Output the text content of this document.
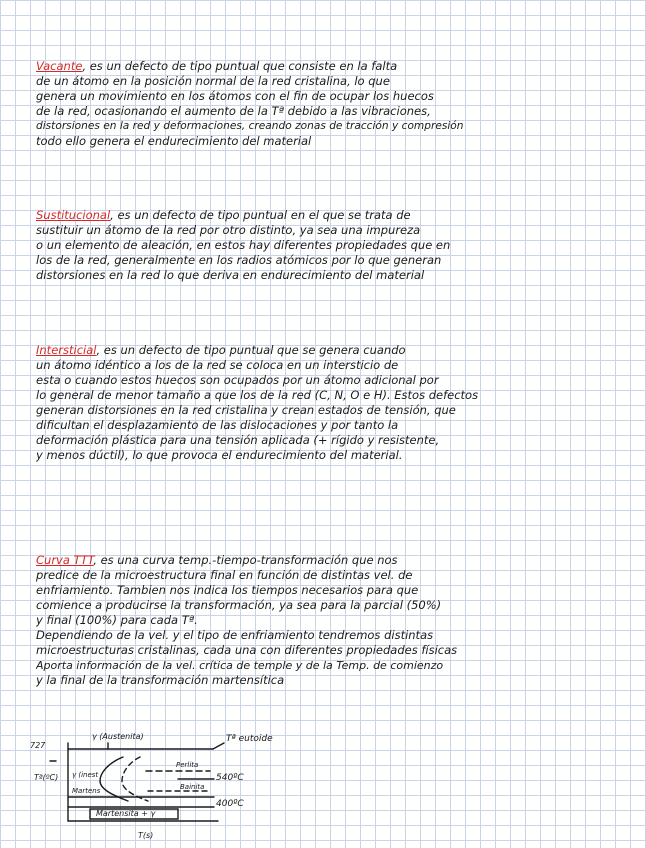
Vacante, es un defecto de tipo puntual que consiste en la falta
de un átomo en la posición normal de la red cristalina, lo que
genera un movimiento en los átomos con el fin de ocupar los huecos
de la red, ocasionando el aumento de la Tª debido a las vibraciones,
distorsiones en la red y deformaciones, creando zonas de tracción y compresión
todo ello genera el endurecimiento del material
Sustitucional, es un defecto de tipo puntual en el que se trata de
sustituir un átomo de la red por otro distinto, ya sea una impureza
o un elemento de aleación, en estos hay diferentes propiedades que en
los de la red, generalmente en los radios atómicos por lo que generan
distorsiones en la red lo que deriva en endurecimiento del material
Intersticial, es un defecto de tipo puntual que se genera cuando
un átomo idéntico a los de la red se coloca en un intersticio de
esta o cuando estos huecos son ocupados por un átomo adicional por
lo general de menor tamaño a que los de la red (C, N, O e H). Estos defectos
generan distorsiones en la red cristalina y crean estados de tensión, que
dificultan el desplazamiento de las dislocaciones y por tanto la
deformación plástica para una tensión aplicada (+ rígido y resistente,
y menos dúctil), lo que provoca el endurecimiento del material.
Curva TTT, es una curva temp.-tiempo-transformación que nos
predice de la microestructura final en función de distintas vel. de
enfriamiento. Tambien nos indica los tiempos necesarios para que
comience a producirse la transformación, ya sea para la parcial (50%)
y final (100%) para cada Tª.
Dependiendo de la vel. y el tipo de enfriamiento tendremos distintas
microestructuras cristalinas, cada una con diferentes propiedades físicas
Aporta información de la vel. crítica de temple y de la Temp. de comienzo
y la final de la transformación martensítica
727
Tª(ºC)
T(s)
γ (Austenita)	Tª eutoide
Perlita
Bainita
γ (inest
Martens
Martensita + γ
540ºC
400ºC
